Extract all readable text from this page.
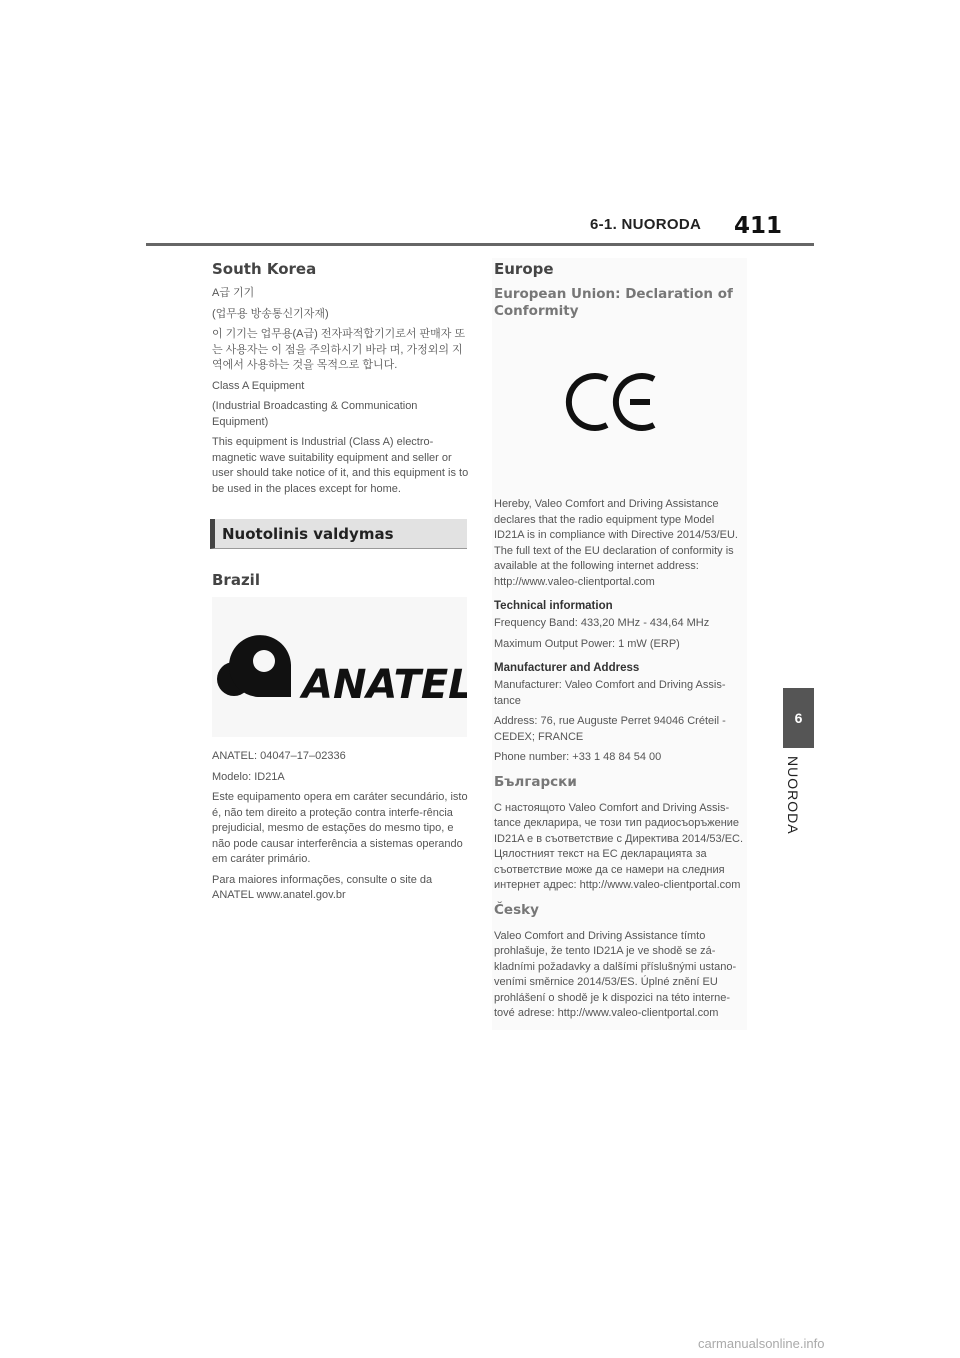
6-1. NUORODA 411
6
NUORODA
South Korea

A급 기기

(업무용 방송통신기자재)

이 기기는 업무용(A급) 전자파적합기기로서 판매자 또는 사용자는 이 점을 주의하시기 바라 며, 가정외의 지역에서 사용하는 것을 목적으로 합니다.

Class A Equipment

(Industrial Broadcasting & Communication Equipment)

This equipment is Industrial (Class A) electro-magnetic wave suitability equipment and seller or user should take notice of it, and this equipment is to be used in the places except for home.

Nuotolinis valdymas
Brazil
ANATEL

ANATEL: 04047–17–02336

Modelo: ID21A

Este equipamento opera em caráter secundário, isto é, não tem direito a proteção contra interfe-rência prejudicial, mesmo de estações do mesmo tipo, e não pode causar interferência a sistemas operando em caráter primário.

Para maiores informações, consulte o site da ANATEL www.anatel.gov.br

Europe
European Union: Declaration of Conformity

Hereby, Valeo Comfort and Driving Assistance declares that the radio equipment type Model ID21A is in compliance with Directive 2014/53/EU. The full text of the EU declaration of conformity is available at the following internet address: http://www.valeo-clientportal.com

Technical information

Frequency Band: 433,20 MHz - 434,64 MHz

Maximum Output Power: 1 mW (ERP)

Manufacturer and Address

Manufacturer: Valeo Comfort and Driving Assis-tance

Address: 76, rue Auguste Perret 94046 Créteil - CEDEX; FRANCE

Phone number: +33 1 48 84 54 00

Български

С настоящото Valeo Comfort and Driving Assis-tance декларира, че този тип радиосъоръжение ID21A е в съответствие с Директива 2014/53/ЕС. Цялостният текст на ЕС декларацията за съответствие може да се намери на следния интернет адрес: http://www.valeo-clientportal.com

Česky

Valeo Comfort and Driving Assistance tímto prohlašuje, že tento ID21A je ve shodě se zá-kladními požadavky a dalšími příslušnými ustano-veními směrnice 2014/53/ES. Úplné znění EU prohlášení o shodě je k dispozici na této interne-tové adrese: http://www.valeo-clientportal.com

carmanualsonline.info
